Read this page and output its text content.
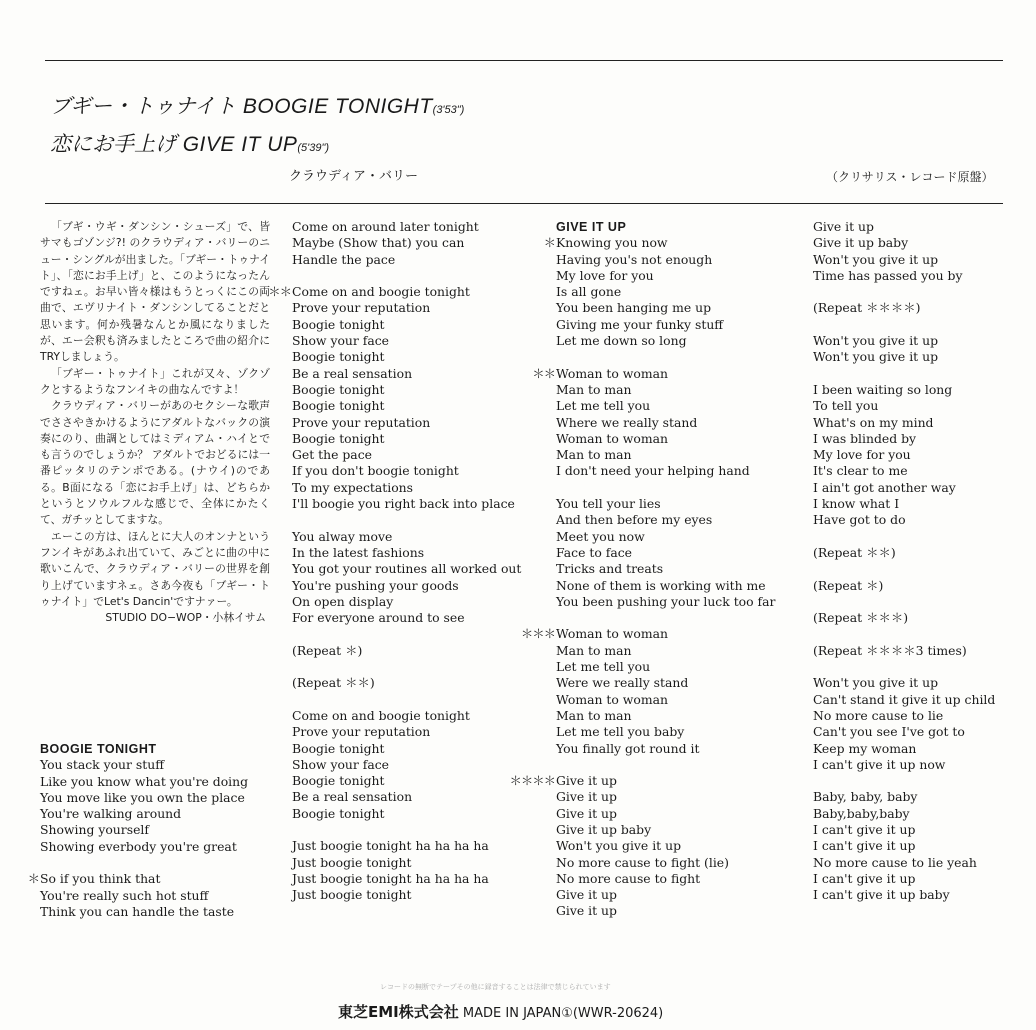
ブギー・トゥナイト BOOGIE TONIGHT(3'53")
恋にお手上げ GIVE IT UP(5'39")
クラウディア・バリー	（クリサリス・レコード原盤）

「ブギ・ウギ・ダンシン・シューズ」で、皆サマもゴゾンジ?! のクラウディア・バリーのニュー・シングルが出ました。「ブギー・トゥナイト」、「恋にお手上げ」と、このようになったんですねェ。お早い皆々様はもうとっくにこの両曲で、エヴリナイト・ダンシンしてることだと思います。何か残暑なんとか風になりましたが、エー会釈も済みましたところで曲の紹介にTRYしましょう。

「ブギー・トゥナイト」これが又々、ゾクゾクとするようなフンイキの曲なんですよ！

クラウディア・バリーがあのセクシーな歌声でささやきかけるようにアダルトなバックの演奏にのり、曲調としてはミディアム・ハイとでも言うのでしょうか？ アダルトでおどるには一番ピッタリのテンポである。(ナウイ)のである。B面になる「恋にお手上げ」は、どちらかというとソウルフルな感じで、全体にかたくて、ガチッとしてますな。

エーこの方は、ほんとに大人のオンナというフンイキがあふれ出ていて、みごとに曲の中に歌いこんで、クラウディア・バリーの世界を創り上げていますネェ。さあ今夜も「ブギー・トゥナイト」でLet's Dancin'ですナァー。

STUDIO DO−WOP・小林イサム

BOOGIE TONIGHT
You stack your stuff
Like you know what you're doing
You move like you own the place
You're walking around
Showing yourself
Showing everbody you're great
＊ So if you think that
You're really such hot stuff
Think you can handle the taste
Come on around later tonight
Maybe (Show that) you can
Handle the pace
＊＊ Come on and boogie tonight
Prove your reputation
Boogie tonight
Show your face
Boogie tonight
Be a real sensation
Boogie tonight
Boogie tonight
Prove your reputation
Boogie tonight
Get the pace
If you don't boogie tonight
To my expectations
I'll boogie you right back into place
You alway move
In the latest fashions
You got your routines all worked out
You're pushing your goods
On open display
For everyone around to see
(Repeat ＊)
(Repeat ＊＊)
Come on and boogie tonight
Prove your reputation
Boogie tonight
Show your face
Boogie tonight
Be a real sensation
Boogie tonight
Just boogie tonight ha ha ha ha
Just boogie tonight
Just boogie tonight ha ha ha ha
Just boogie tonight
GIVE IT UP
＊ Knowing you now
Having you's not enough
My love for you
Is all gone
You been hanging me up
Giving me your funky stuff
Let me down so long
＊＊ Woman to woman
Man to man
Let me tell you
Where we really stand
Woman to woman
Man to man
I don't need your helping hand
You tell your lies
And then before my eyes
Meet you now
Face to face
Tricks and treats
None of them is working with me
You been pushing your luck too far
＊＊＊ Woman to woman
Man to man
Let me tell you
Were we really stand
Woman to woman
Man to man
Let me tell you baby
You finally got round it
＊＊＊＊ Give it up
Give it up
Give it up
Give it up baby
Won't you give it up
No more cause to fight (lie)
No more cause to fight
Give it up
Give it up
Give it up
Give it up baby
Won't you give it up
Time has passed you by
(Repeat ＊＊＊＊)
Won't you give it up
Won't you give it up
I been waiting so long
To tell you
What's on my mind
I was blinded by
My love for you
It's clear to me
I ain't got another way
I know what I
Have got to do
(Repeat ＊＊)
(Repeat ＊)
(Repeat ＊＊＊)
(Repeat ＊＊＊＊3 times)
Won't you give it up
Can't stand it give it up child
No more cause to lie
Can't you see I've got to
Keep my woman
I can't give it up now
Baby, baby, baby
Baby,baby,baby
I can't give it up
I can't give it up
No more cause to lie yeah
I can't give it up
I can't give it up baby
レコードの無断でテープその他に録音することは法律で禁じられています
東芝EMI株式会社 MADE IN JAPAN①(WWR-20624)
